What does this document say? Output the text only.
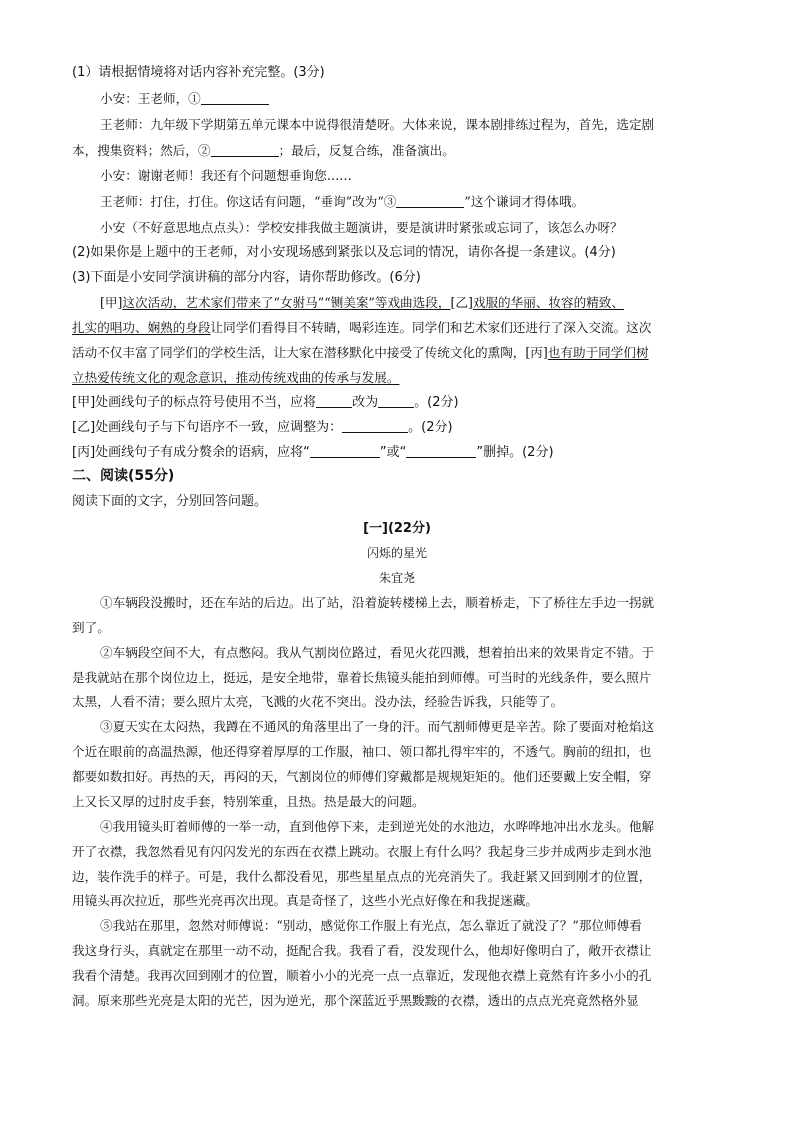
(1）请根据情境将对话内容补充完整。(3分)
小安：王老师，①
王老师：九年级下学期第五单元课本中说得很清楚呀。大体来说，课本剧排练过程为，首先，选定剧
本，搜集资料；然后，②	；最后，反复合练，准备演出。
小安：谢谢老师！我还有个问题想垂询您……
王老师：打住，打住。你这话有问题，“垂询”改为“③	”这个谦词才得体哦。
小安（不好意思地点点头）：学校安排我做主题演讲，要是演讲时紧张或忘词了，该怎么办呀？
(2)如果你是上题中的王老师，对小安现场感到紧张以及忘词的情况，请你各提一条建议。(4分)
(3)下面是小安同学演讲稿的部分内容，请你帮助修改。(6分)
[甲]这次活动，艺术家们带来了“女驸马”“铡美案”等戏曲选段，[乙]戏服的华丽、妆容的精致、
扎实的唱功、娴熟的身段让同学们看得目不转睛，喝彩连连。同学们和艺术家们还进行了深入交流。这次
活动不仅丰富了同学们的学校生活，让大家在潜移默化中接受了传统文化的熏陶，[丙]也有助于同学们树
立热爱传统文化的观念意识，推动传统戏曲的传承与发展。
[甲]处画线句子的标点符号使用不当，应将	改为	。(2分)
[乙]处画线句子与下句语序不一致，应调整为：	。(2分)
[丙]处画线句子有成分赘余的语病，应将“	”或“	”删掉。(2分)
二、阅读(55分)
阅读下面的文字，分别回答问题。
[一](22分)
闪烁的星光
朱宜尧
①车辆段没搬时，还在车站的后边。出了站，沿着旋转楼梯上去，顺着桥走，下了桥往左手边一拐就
到了。
②车辆段空间不大，有点憋闷。我从气割岗位路过，看见火花四溅，想着拍出来的效果肯定不错。于
是我就站在那个岗位边上，挺远，是安全地带，靠着长焦镜头能拍到师傅。可当时的光线条件，要么照片
太黑，人看不清；要么照片太亮，飞溅的火花不突出。没办法，经验告诉我，只能等了。
③夏天实在太闷热，我蹲在不通风的角落里出了一身的汗。而气割师傅更是辛苦。除了要面对枪焰这
个近在眼前的高温热源，他还得穿着厚厚的工作服，袖口、领口都扎得牢牢的，不透气。胸前的纽扣，也
都要如数扣好。再热的天，再闷的天，气割岗位的师傅们穿戴都是规规矩矩的。他们还要戴上安全帽，穿
上又长又厚的过肘皮手套，特别笨重，且热。热是最大的问题。
④我用镜头盯着师傅的一举一动，直到他停下来，走到逆光处的水池边，水哗哗地冲出水龙头。他解
开了衣襟，我忽然看见有闪闪发光的东西在衣襟上跳动。衣服上有什么吗？我起身三步并成两步走到水池
边，装作洗手的样子。可是，我什么都没看见，那些星星点点的光亮消失了。我赶紧又回到刚才的位置，
用镜头再次拉近，那些光亮再次出现。真是奇怪了，这些小光点好像在和我捉迷藏。
⑤我站在那里，忽然对师傅说：“别动，感觉你工作服上有光点，怎么靠近了就没了？”那位师傅看
我这身行头，真就定在那里一动不动，挺配合我。我看了看，没发现什么，他却好像明白了，敞开衣襟让
我看个清楚。我再次回到刚才的位置，顺着小小的光亮一点一点靠近，发现他衣襟上竟然有许多小小的孔
洞。原来那些光亮是太阳的光芒，因为逆光，那个深蓝近乎黑黢黢的衣襟，透出的点点光亮竟然格外显
